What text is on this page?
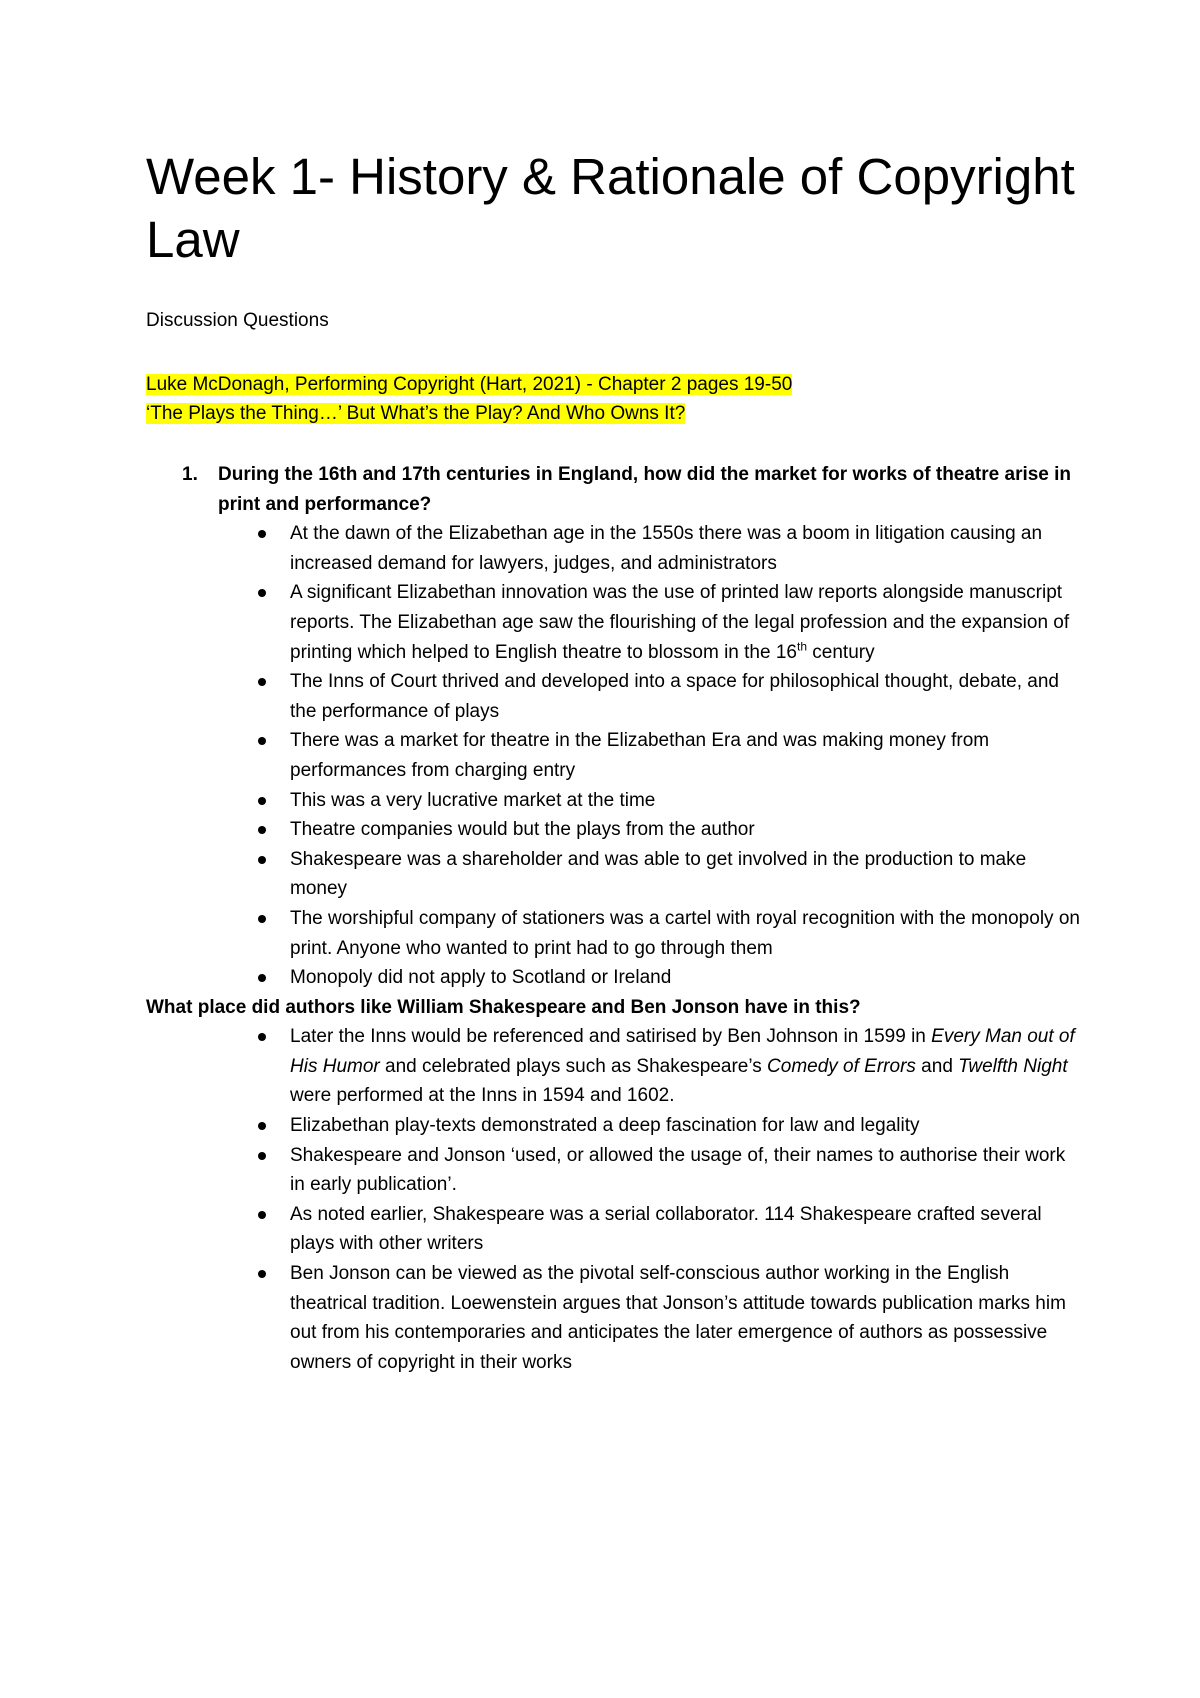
Week 1- History & Rationale of Copyright Law
Discussion Questions
Luke McDonagh, Performing Copyright (Hart, 2021) - Chapter 2 pages 19-50
‘The Plays the Thing…’ But What’s the Play? And Who Owns It?
1.	During the 16th and 17th centuries in England, how did the market for works of theatre arise in print and performance?
At the dawn of the Elizabethan age in the 1550s there was a boom in litigation causing an increased demand for lawyers, judges, and administrators
A significant Elizabethan innovation was the use of printed law reports alongside manuscript reports. The Elizabethan age saw the flourishing of the legal profession and the expansion of printing which helped to English theatre to blossom in the 16th century
The Inns of Court thrived and developed into a space for philosophical thought, debate, and the performance of plays
There was a market for theatre in the Elizabethan Era and was making money from performances from charging entry
This was a very lucrative market at the time
Theatre companies would but the plays from the author
Shakespeare was a shareholder and was able to get involved in the production to make money
The worshipful company of stationers was a cartel with royal recognition with the monopoly on print. Anyone who wanted to print had to go through them
Monopoly did not apply to Scotland or Ireland
What place did authors like William Shakespeare and Ben Jonson have in this?
Later the Inns would be referenced and satirised by Ben Johnson in 1599 in Every Man out of His Humor and celebrated plays such as Shakespeare’s Comedy of Errors and Twelfth Night were performed at the Inns in 1594 and 1602.
Elizabethan play-texts demonstrated a deep fascination for law and legality
Shakespeare and Jonson ‘used, or allowed the usage of, their names to authorise their work in early publication’.
As noted earlier, Shakespeare was a serial collaborator. 114 Shakespeare crafted several plays with other writers
Ben Jonson can be viewed as the pivotal self-conscious author working in the English theatrical tradition. Loewenstein argues that Jonson’s attitude towards publication marks him out from his contemporaries and anticipates the later emergence of authors as possessive owners of copyright in their works
